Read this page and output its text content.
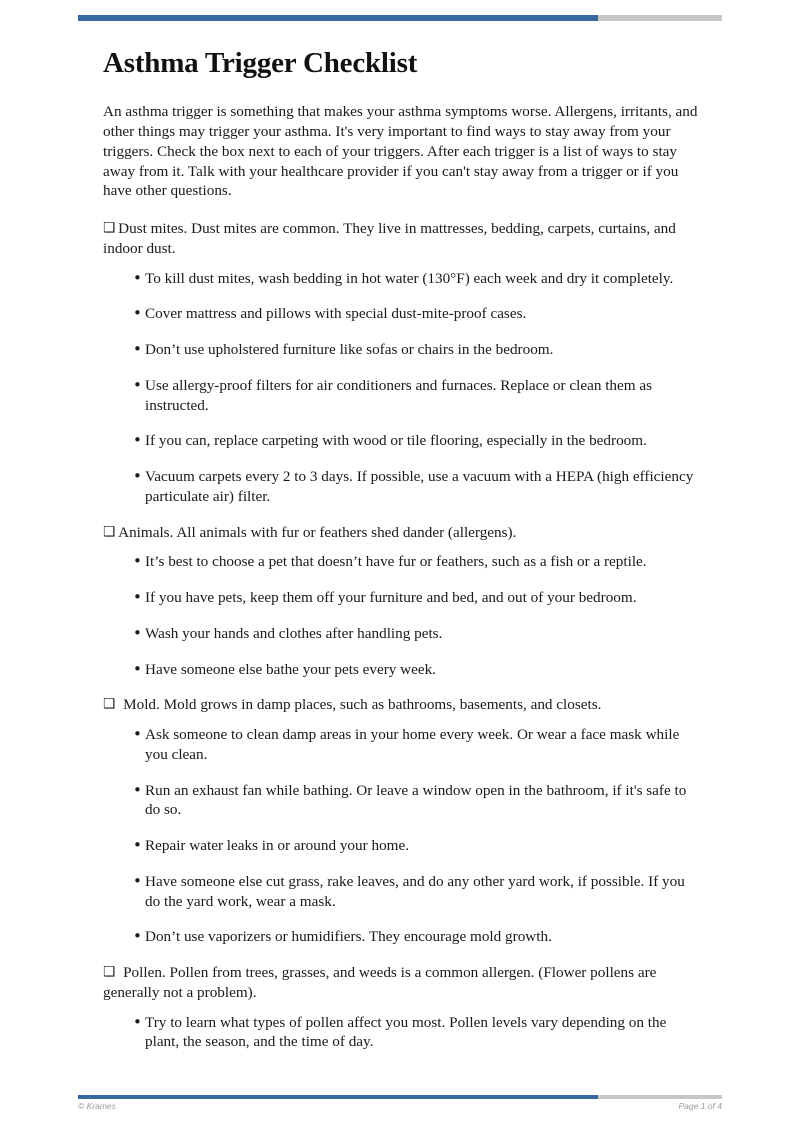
Asthma Trigger Checklist

An asthma trigger is something that makes your asthma symptoms worse. Allergens, irritants, and other things may trigger your asthma. It's very important to find ways to stay away from your triggers. Check the box next to each of your triggers. After each trigger is a list of ways to stay away from it. Talk with your healthcare provider if you can't stay away from a trigger or if you have other questions.

❑ Dust mites. Dust mites are common. They live in mattresses, bedding, carpets, curtains, and indoor dust.

• To kill dust mites, wash bedding in hot water (130°F) each week and dry it completely.
• Cover mattress and pillows with special dust-mite-proof cases.
• Don’t use upholstered furniture like sofas or chairs in the bedroom.
• Use allergy-proof filters for air conditioners and furnaces. Replace or clean them as instructed.
• If you can, replace carpeting with wood or tile flooring, especially in the bedroom.
• Vacuum carpets every 2 to 3 days. If possible, use a vacuum with a HEPA (high efficiency particulate air) filter.

❑ Animals. All animals with fur or feathers shed dander (allergens).

• It’s best to choose a pet that doesn’t have fur or feathers, such as a fish or a reptile.
• If you have pets, keep them off your furniture and bed, and out of your bedroom.
• Wash your hands and clothes after handling pets.
• Have someone else bathe your pets every week.

❑ Mold. Mold grows in damp places, such as bathrooms, basements, and closets.

• Ask someone to clean damp areas in your home every week. Or wear a face mask while you clean.
• Run an exhaust fan while bathing. Or leave a window open in the bathroom, if it's safe to do so.
• Repair water leaks in or around your home.
• Have someone else cut grass, rake leaves, and do any other yard work, if possible. If you do the yard work, wear a mask.
• Don’t use vaporizers or humidifiers. They encourage mold growth.

❑ Pollen. Pollen from trees, grasses, and weeds is a common allergen. (Flower pollens are generally not a problem).

• Try to learn what types of pollen affect you most. Pollen levels vary depending on the plant, the season, and the time of day.
© Krames	Page 1 of 4
